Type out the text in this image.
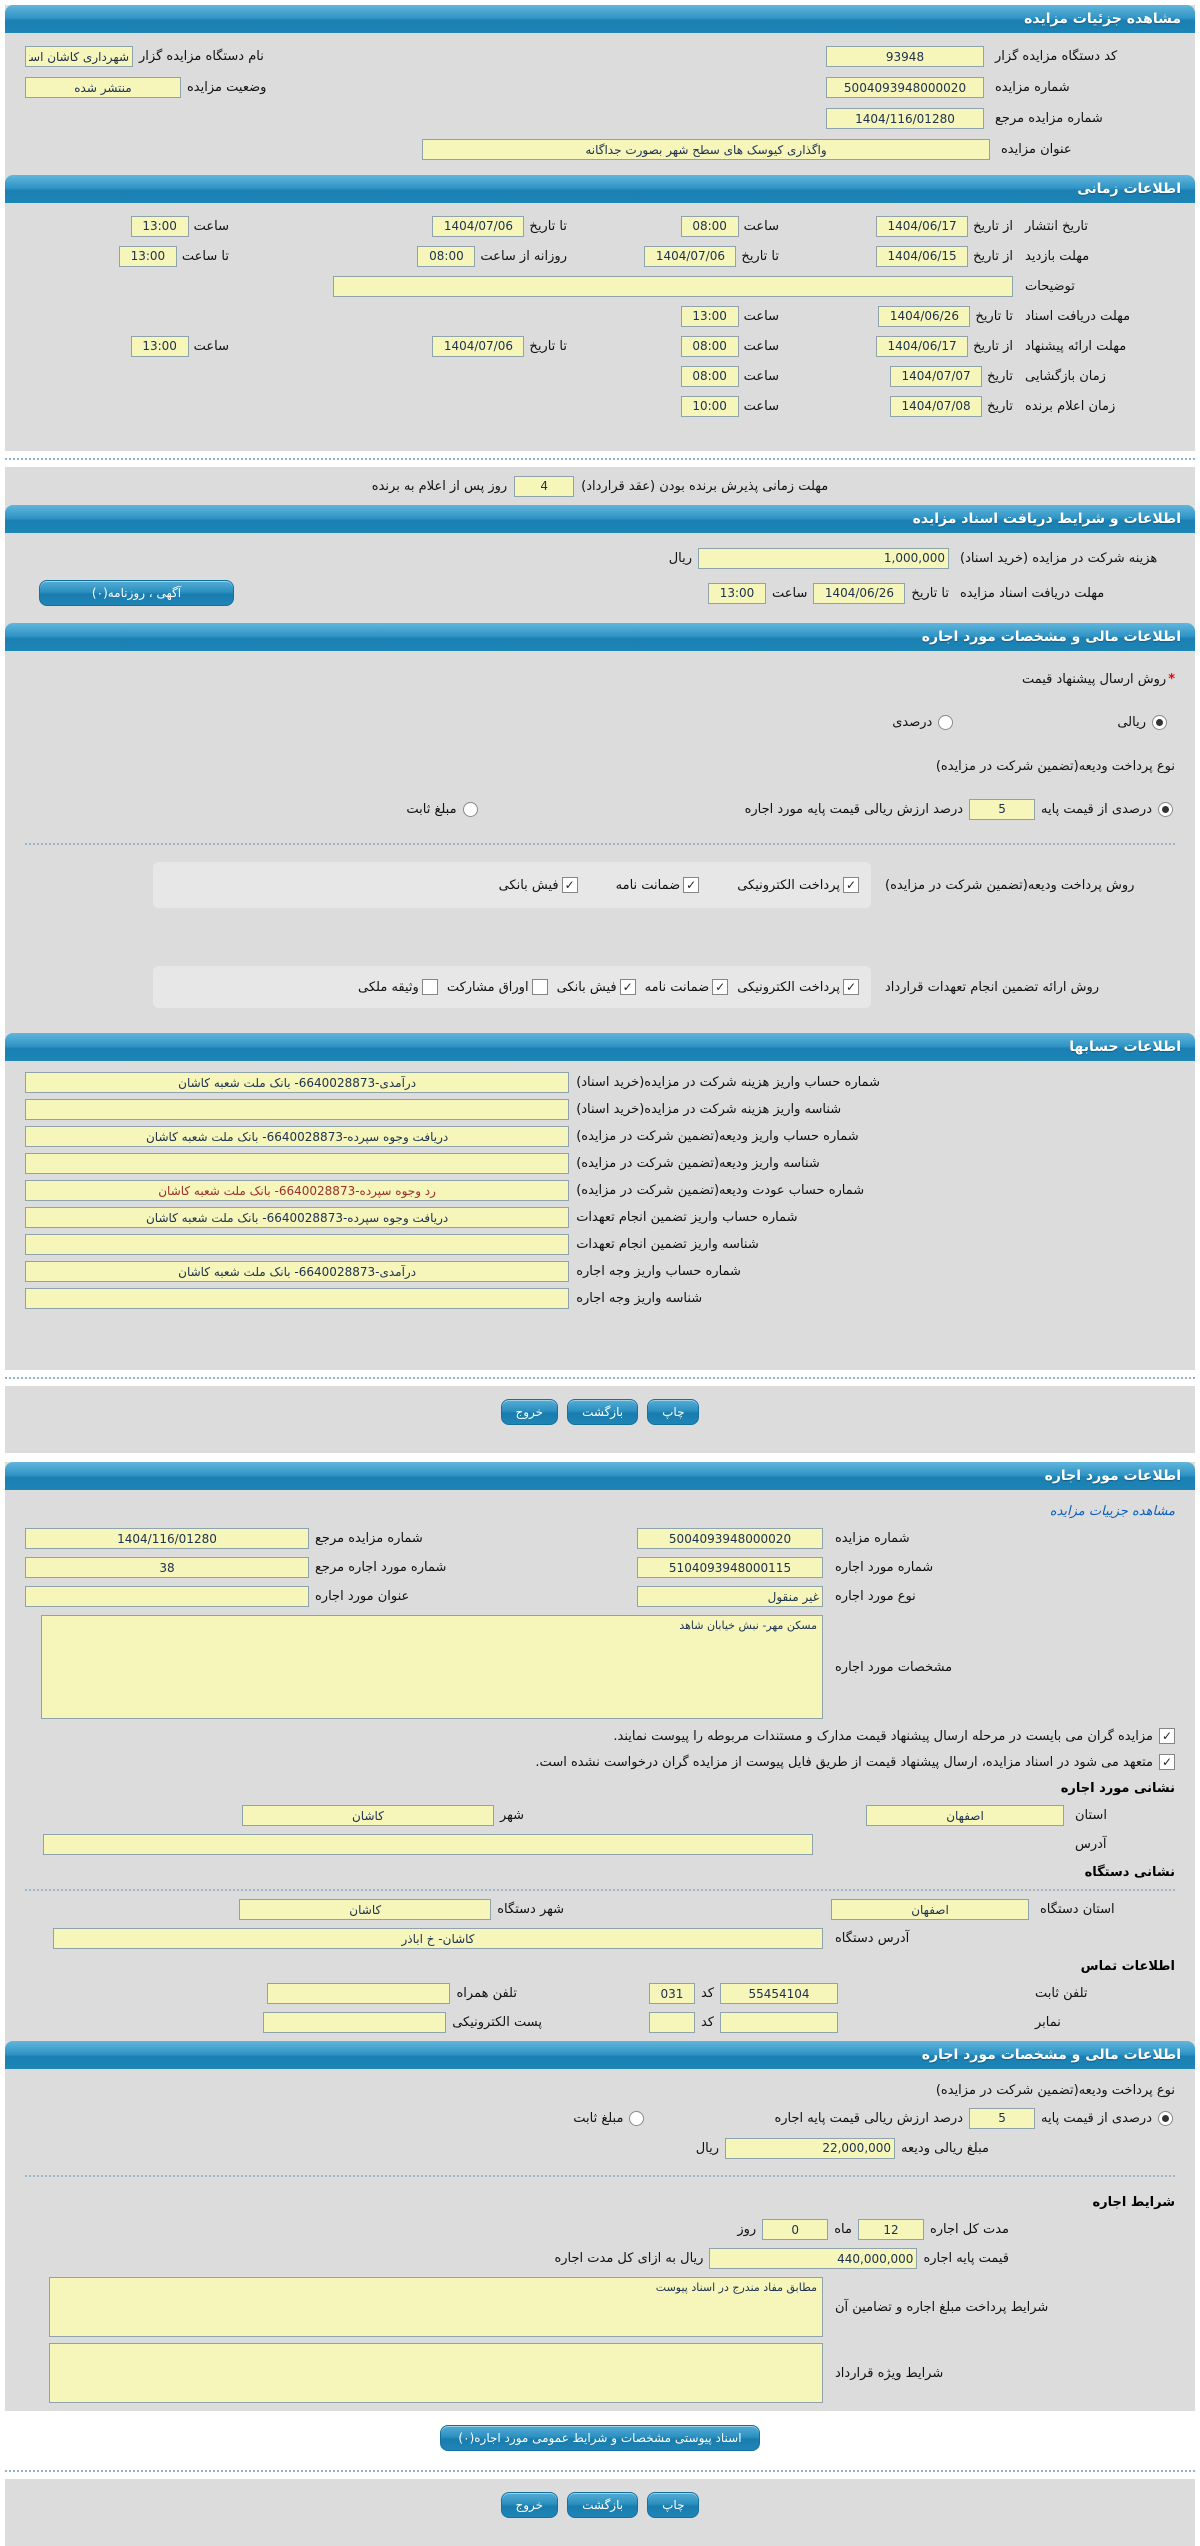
مشاهده جزئیات مزایده
کد دستگاه مزایده گزار
93948
نام دستگاه مزایده گزار
شهرداری کاشان استان اصفهان
شماره مزایده
5004093948000020
وضعیت مزایده
منتشر شده
شماره مزایده مرجع
1404/116/01280
عنوان مزایده
واگذاری کیوسک های سطح شهر بصورت جداگانه
اطلاعات زمانی
تاریخ انتشار
از تاریخ
1404/06/17
ساعت
08:00
تا تاریخ
1404/07/06
ساعت
13:00
مهلت بازدید
از تاریخ
1404/06/15
تا تاریخ
1404/07/06
روزانه از ساعت
08:00
تا ساعت
13:00
توضیحات
مهلت دریافت اسناد
تا تاریخ
1404/06/26
ساعت
13:00
مهلت ارائه پیشنهاد
از تاریخ
1404/06/17
ساعت
08:00
تا تاریخ
1404/07/06
ساعت
13:00
زمان بازگشایی
تاریخ
1404/07/07
ساعت
08:00
زمان اعلام برنده
تاریخ
1404/07/08
ساعت
10:00
مهلت زمانی پذیرش برنده بودن (عقد قرارداد)
4
روز پس از اعلام به برنده
اطلاعات و شرایط دریافت اسناد مزایده
هزینه شرکت در مزایده (خرید اسناد)
1,000,000
ریال
مهلت دریافت اسناد مزایده
تا تاریخ
1404/06/26
ساعت
13:00
آگهی ، روزنامه(۰)
اطلاعات مالی و مشخصات مورد اجاره
*
روش ارسال پیشنهاد قیمت
ریالی
درصدی
نوع پرداخت ودیعه(تضمین شرکت در مزایده)
درصدی از قیمت پایه
5
درصد ارزش ریالی قیمت پایه مورد اجاره
مبلغ ثابت
روش پرداخت ودیعه(تضمین شرکت در مزایده)
✓
پرداخت الکترونیکی
✓
ضمانت نامه
✓
فیش بانکی
روش ارائه تضمین انجام تعهدات قرارداد
✓
پرداخت الکترونیکی
✓
ضمانت نامه
✓
فیش بانکی
اوراق مشارکت
وثیقه ملکی
اطلاعات حسابها
شماره حساب واریز هزینه شرکت در مزایده(خرید اسناد)
درآمدی-6640028873- بانک ملت شعبه کاشان
شناسه واریز هزینه شرکت در مزایده(خرید اسناد)
شماره حساب واریز ودیعه(تضمین شرکت در مزایده)
دریافت وجوه سپرده-6640028873- بانک ملت شعبه کاشان
شناسه واریز ودیعه(تضمین شرکت در مزایده)
شماره حساب عودت ودیعه(تضمین شرکت در مزایده)
رد وجوه سپرده-6640028873- بانک ملت شعبه کاشان
شماره حساب واریز تضمین انجام تعهدات
دریافت وجوه سپرده-6640028873- بانک ملت شعبه کاشان
شناسه واریز تضمین انجام تعهدات
شماره حساب واریز وجه اجاره
درآمدی-6640028873- بانک ملت شعبه کاشان
شناسه واریز وجه اجاره
چاپ
بازگشت
خروج
اطلاعات مورد اجاره
مشاهده جزییات مزایده
شماره مزایده
5004093948000020
شماره مزایده مرجع
1404/116/01280
شماره مورد اجاره
5104093948000115
شماره مورد اجاره مرجع
38
نوع مورد اجاره
غیر منقول
عنوان مورد اجاره
مشخصات مورد اجاره
مسکن مهر- نبش خیابان شاهد
✓
مزایده گران می بایست در مرحله ارسال پیشنهاد قیمت مدارک و مستندات مربوطه را پیوست نمایند.
✓
متعهد می شود در اسناد مزایده، ارسال پیشنهاد قیمت از طریق فایل پیوست از مزایده گران درخواست نشده است.
نشانی مورد اجاره
استان
اصفهان
شهر
کاشان
آدرس
نشانی دستگاه
استان دستگاه
اصفهان
شهر دستگاه
کاشان
آدرس دستگاه
کاشان- خ اباذر
اطلاعات تماس
تلفن ثابت
55454104
کد
031
تلفن همراه
نمابر
کد
پست الکترونیکی
اطلاعات مالی و مشخصات مورد اجاره
نوع پرداخت ودیعه(تضمین شرکت در مزایده)
درصدی از قیمت پایه
5
درصد ارزش ریالی قیمت پایه اجاره
مبلغ ثابت
مبلغ ریالی ودیعه
22,000,000
ریال
شرایط اجاره
مدت کل اجاره
12
ماه
0
روز
قیمت پایه اجاره
440,000,000
ریال به ازای کل مدت اجاره
شرایط پرداخت مبلغ اجاره و تضامین آن
مطابق مفاد مندرج در اسناد پیوست
شرایط ویژه قرارداد
اسناد پیوستی مشخصات و شرایط عمومی مورد اجاره(۰)
چاپ
بازگشت
خروج
